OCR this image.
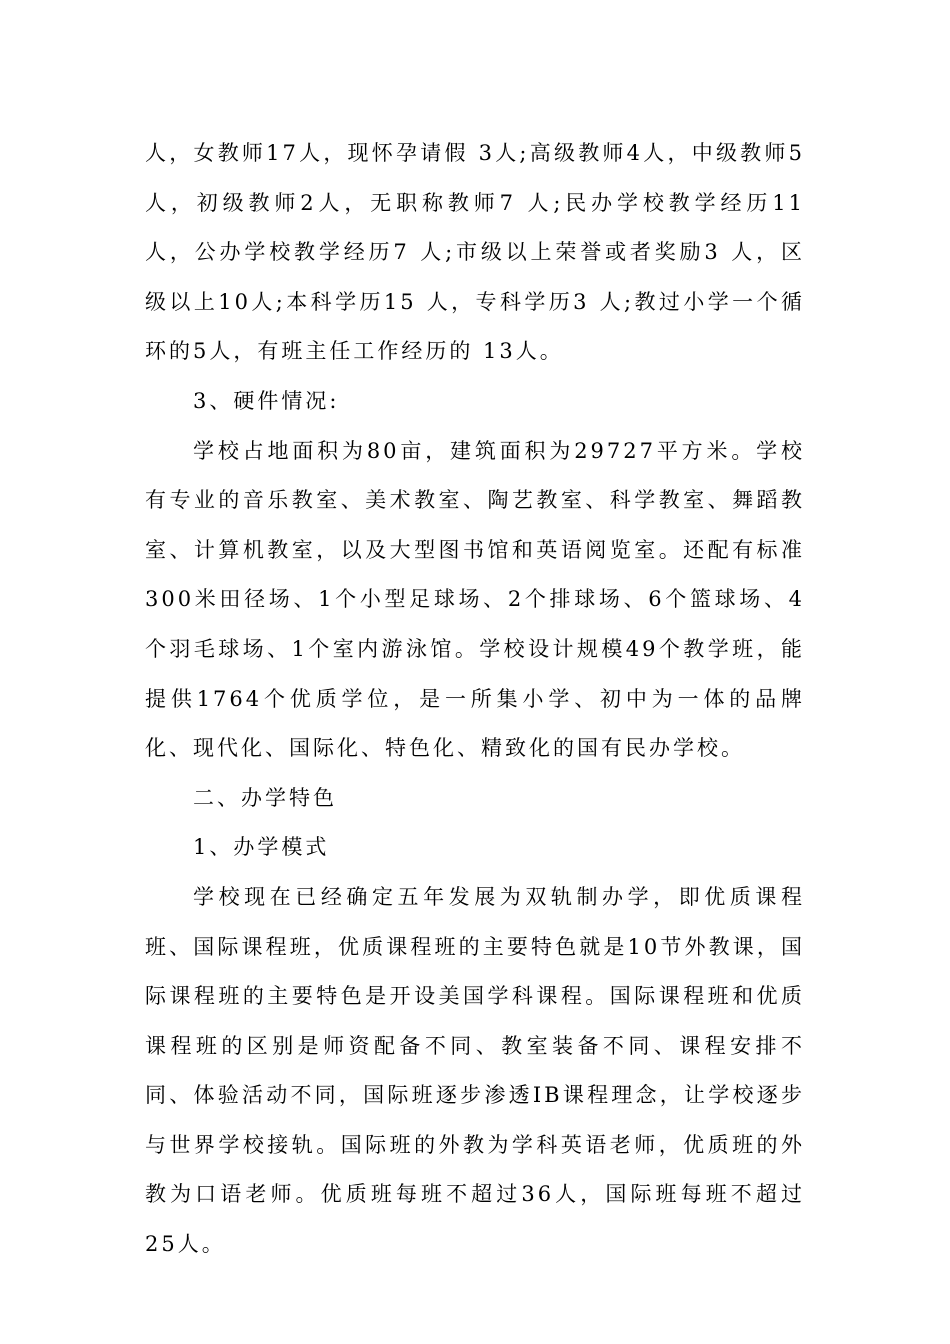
人，女教师17人，现怀孕请假 3人;高级教师4人，中级教师5人，初级教师2人，无职称教师7 人;民办学校教学经历11人，公办学校教学经历7 人;市级以上荣誉或者奖励3 人，区级以上10人;本科学历15 人，专科学历3 人;教过小学一个循环的5人，有班主任工作经历的 13人。

3、硬件情况:

学校占地面积为80亩，建筑面积为29727平方米。学校有专业的音乐教室、美术教室、陶艺教室、科学教室、舞蹈教室、计算机教室，以及大型图书馆和英语阅览室。还配有标准300米田径场、1个小型足球场、2个排球场、6个篮球场、4个羽毛球场、1个室内游泳馆。学校设计规模49个教学班，能提供1764个优质学位，是一所集小学、初中为一体的品牌化、现代化、国际化、特色化、精致化的国有民办学校。

二、办学特色

1、办学模式

学校现在已经确定五年发展为双轨制办学，即优质课程班、国际课程班，优质课程班的主要特色就是10节外教课，国际课程班的主要特色是开设美国学科课程。国际课程班和优质课程班的区别是师资配备不同、教室装备不同、课程安排不同、体验活动不同，国际班逐步渗透IB课程理念，让学校逐步与世界学校接轨。国际班的外教为学科英语老师，优质班的外教为口语老师。优质班每班不超过36人，国际班每班不超过25人。
